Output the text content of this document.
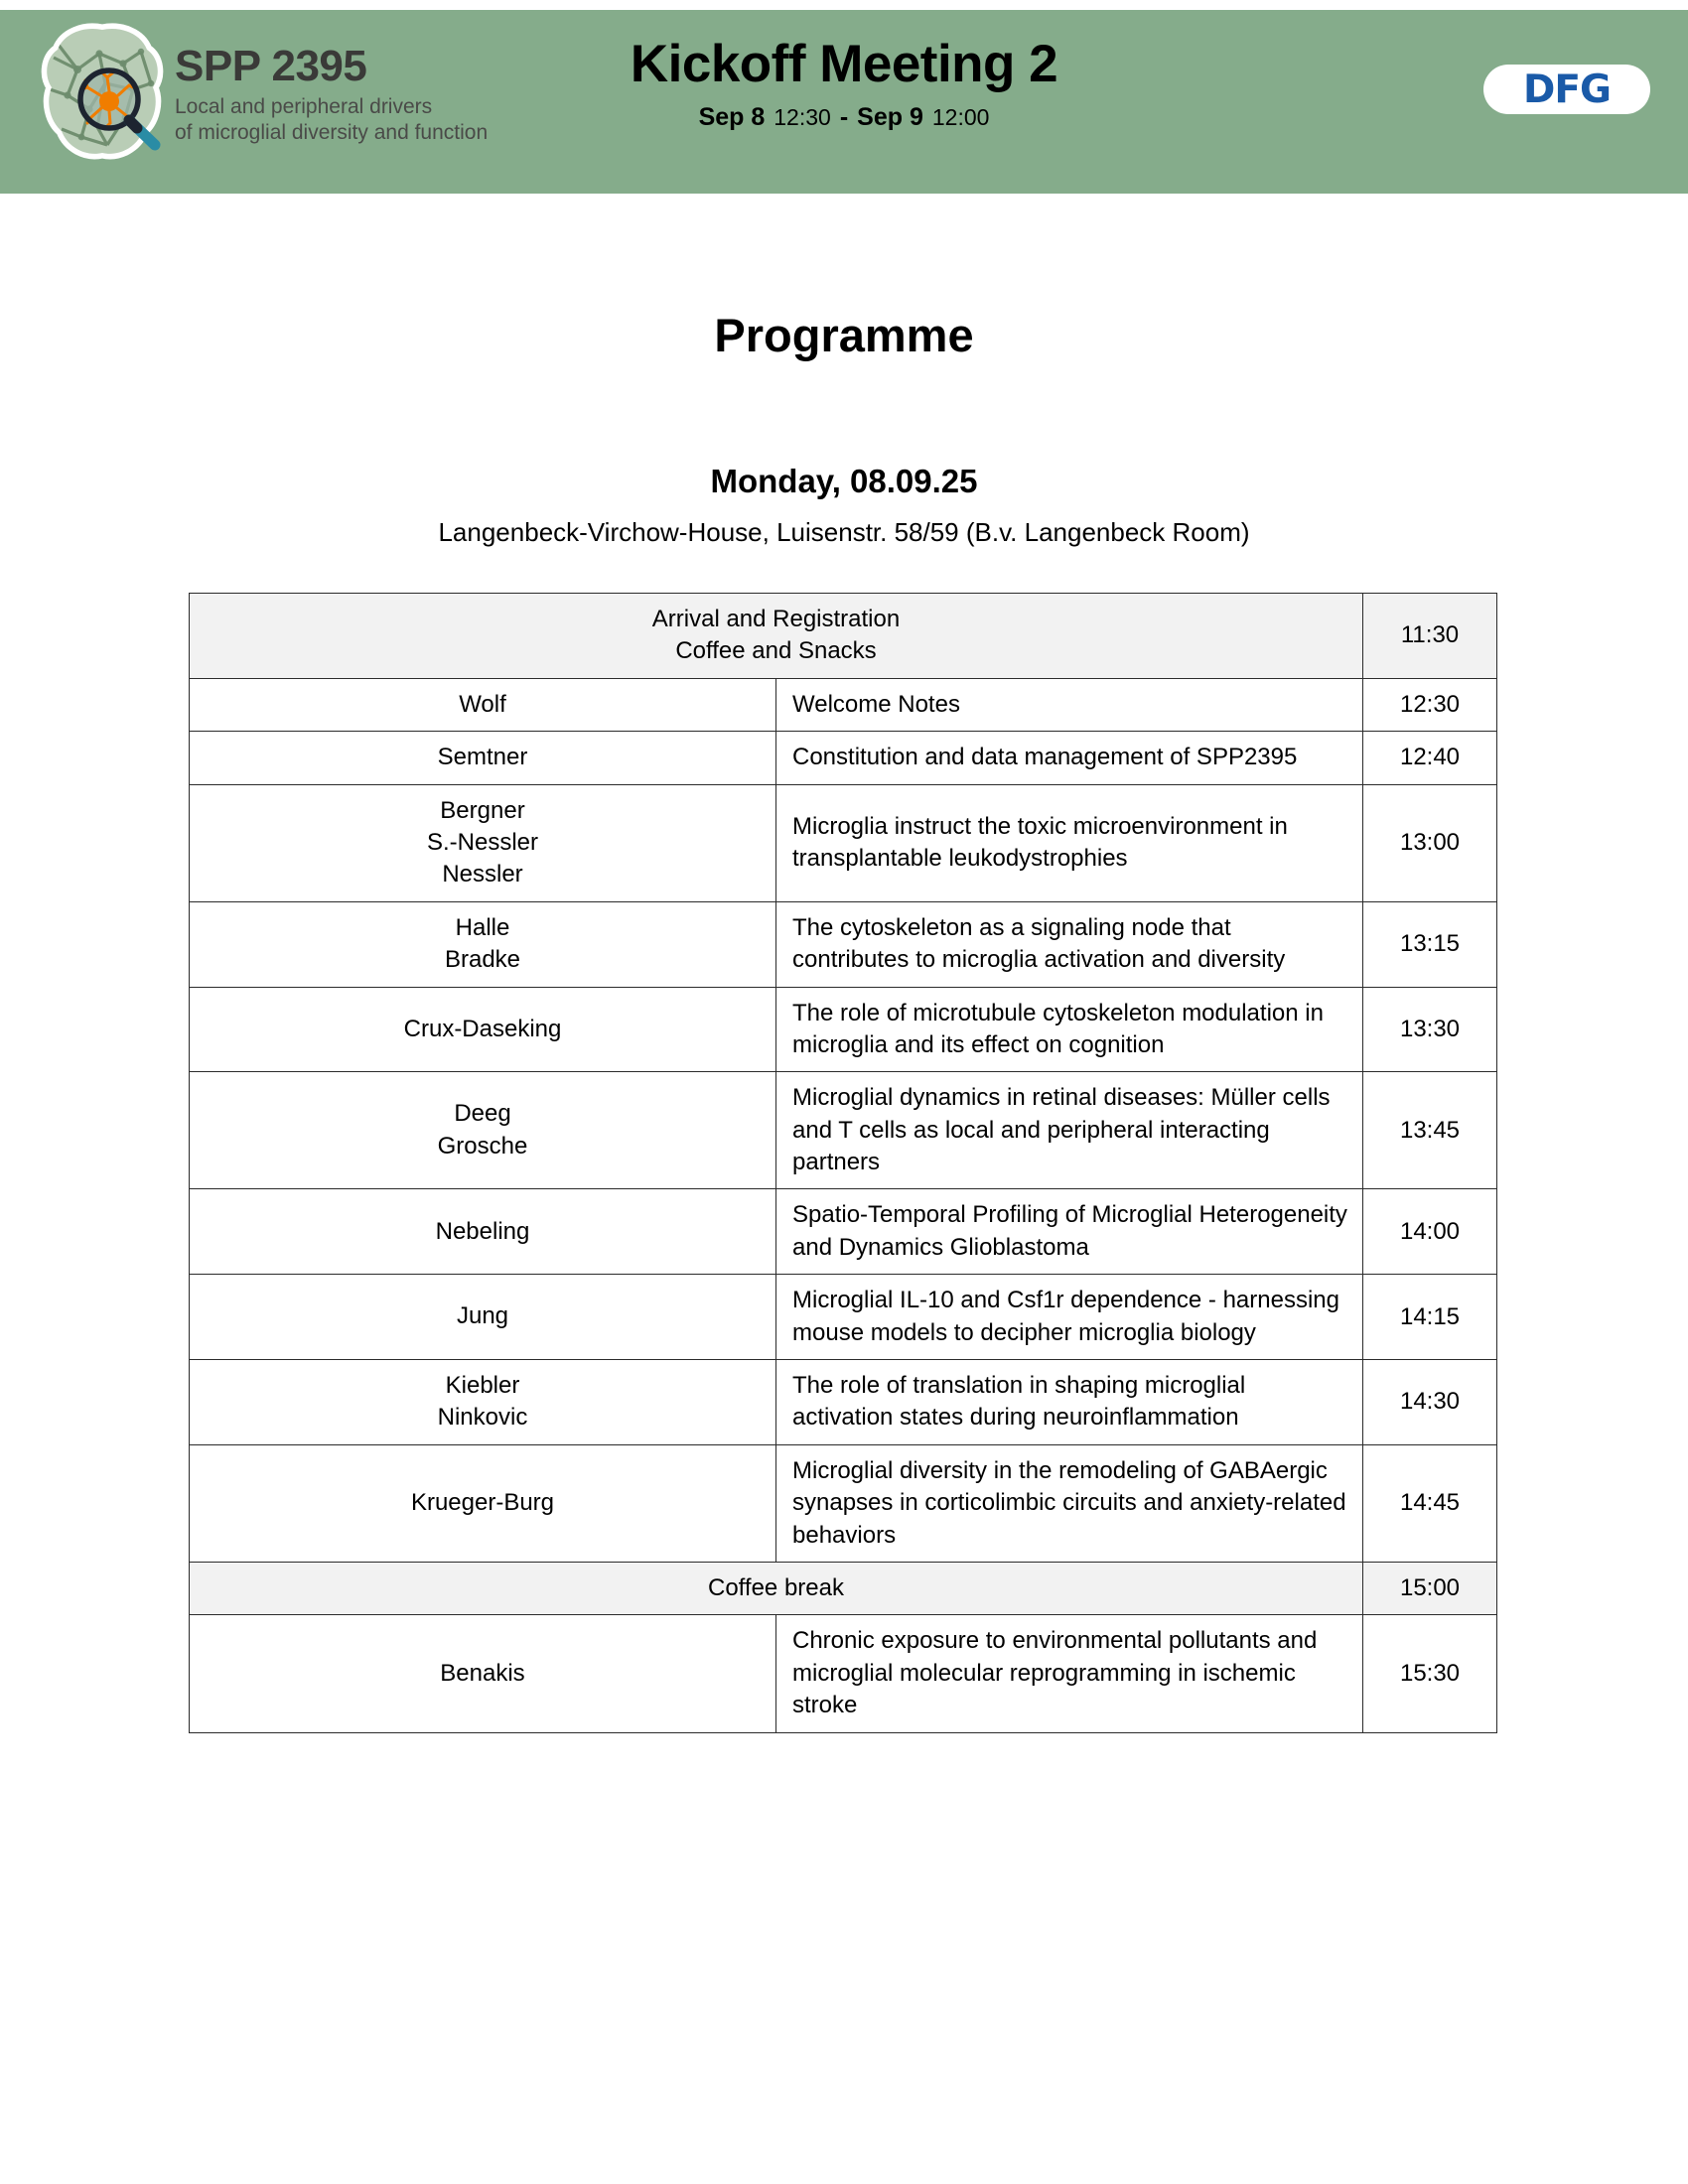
SPP 2395
Local and peripheral drivers
of microglial diversity and function
Kickoff Meeting 2
Sep 8 12:30 - Sep 9 12:00
DFG
Programme
Monday, 08.09.25
Langenbeck-Virchow-House, Luisenstr. 58/59 (B.v. Langenbeck Room)
Arrival and Registration
Coffee and Snacks		11:30

Wolf	Welcome Notes	12:30

Semtner	Constitution and data management of SPP2395	12:40

Bergner
S.-Nessler
Nessler	Microglia instruct the toxic microenvironment in transplantable leukodystrophies	13:00

Halle
Bradke	The cytoskeleton as a signaling node that contributes to microglia activation and diversity	13:15

Crux-Daseking	The role of microtubule cytoskeleton modulation in microglia and its effect on cognition	13:30

Deeg
Grosche	Microglial dynamics in retinal diseases: Müller cells and T cells as local and peripheral interacting partners	13:45

Nebeling	Spatio-Temporal Profiling of Microglial Heterogeneity and Dynamics Glioblastoma	14:00

Jung	Microglial IL-10 and Csf1r dependence - harnessing mouse models to decipher microglia biology	14:15

Kiebler
Ninkovic	The role of translation in shaping microglial activation states during neuroinflammation	14:30

Krueger-Burg	Microglial diversity in the remodeling of GABAergic synapses in corticolimbic circuits and anxiety-related behaviors	14:45

Coffee break		15:00

Benakis	Chronic exposure to environmental pollutants and microglial molecular reprogramming in ischemic stroke	15:30
